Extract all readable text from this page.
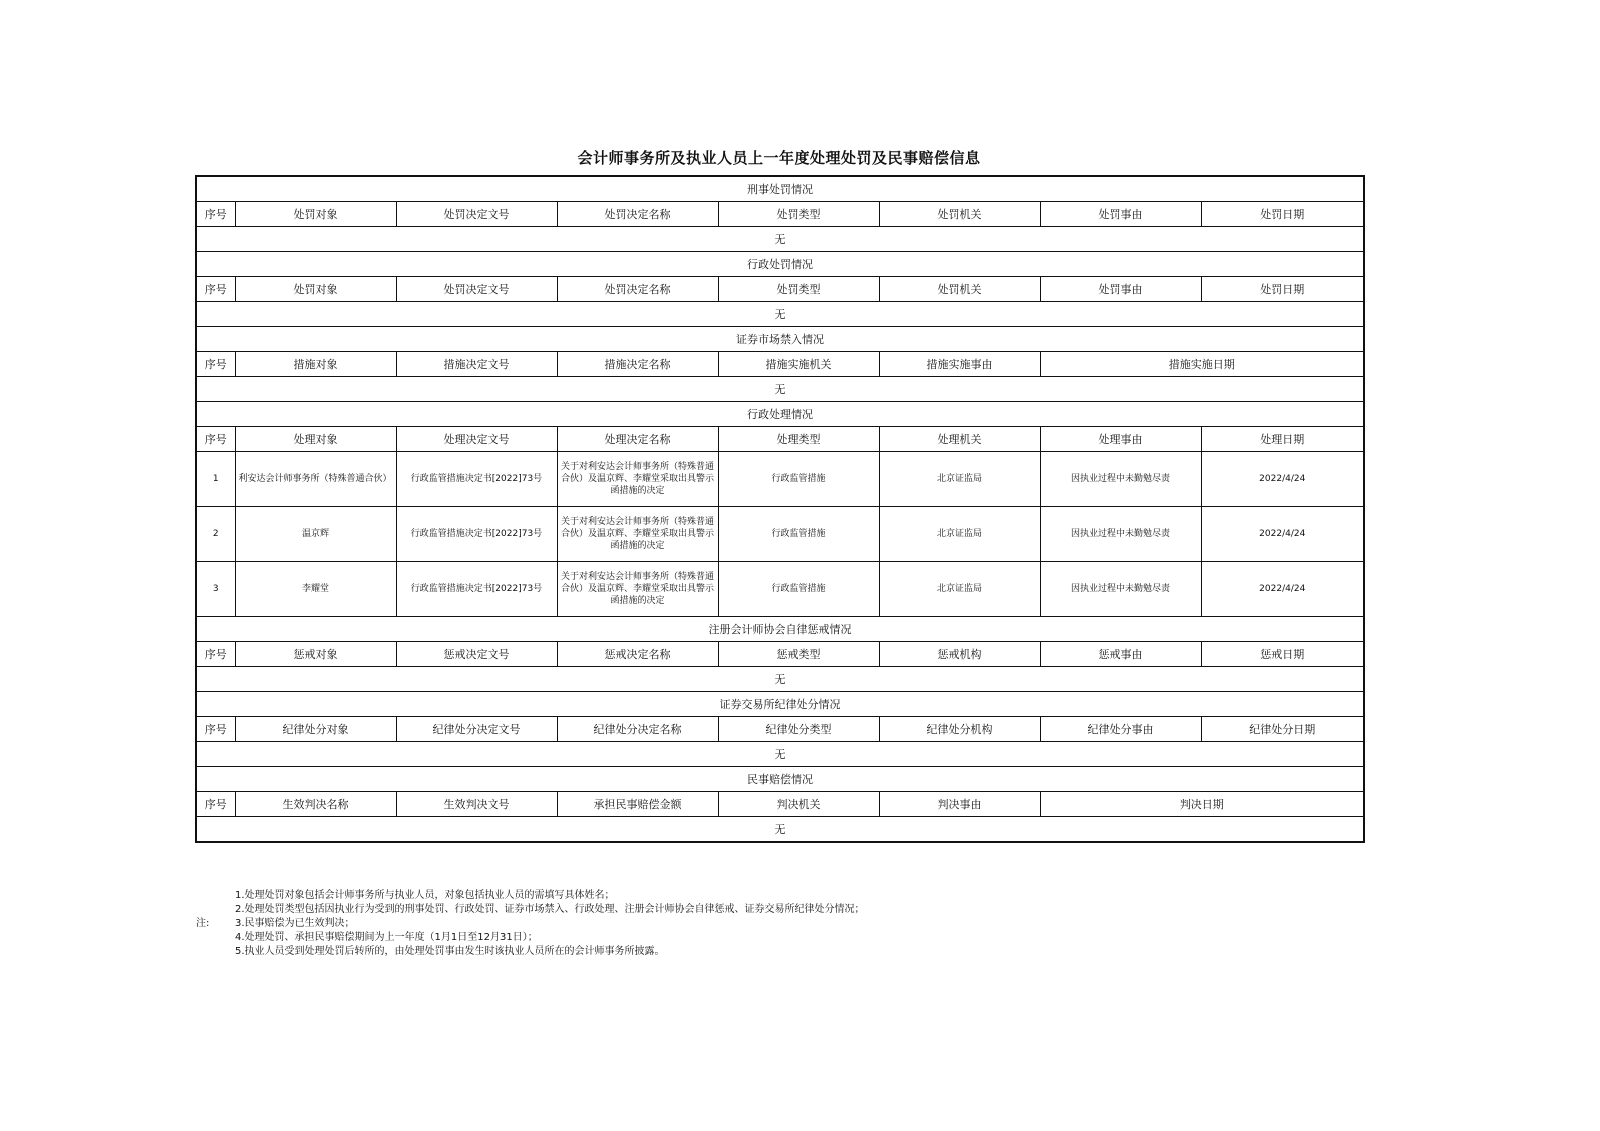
会计师事务所及执业人员上一年度处理处罚及民事赔偿信息
刑事处罚情况							
序号	处罚对象	处罚决定文号	处罚决定名称	处罚类型	处罚机关	处罚事由	处罚日期
无							
行政处罚情况							
序号	处罚对象	处罚决定文号	处罚决定名称	处罚类型	处罚机关	处罚事由	处罚日期
无							
证券市场禁入情况							
序号	措施对象	措施决定文号	措施决定名称	措施实施机关	措施实施事由	措施实施日期	
无							
行政处理情况							
序号	处理对象	处理决定文号	处理决定名称	处理类型	处理机关	处理事由	处理日期
1	利安达会计师事务所（特殊普通合伙）	行政监管措施决定书[2022]73号	关于对利安达会计师事务所（特殊普通合伙）及温京辉、李耀堂采取出具警示函措施的决定	行政监管措施	北京证监局	因执业过程中未勤勉尽责	2022/4/24
2	温京辉	行政监管措施决定书[2022]73号	关于对利安达会计师事务所（特殊普通合伙）及温京辉、李耀堂采取出具警示函措施的决定	行政监管措施	北京证监局	因执业过程中未勤勉尽责	2022/4/24
3	李耀堂	行政监管措施决定书[2022]73号	关于对利安达会计师事务所（特殊普通合伙）及温京辉、李耀堂采取出具警示函措施的决定	行政监管措施	北京证监局	因执业过程中未勤勉尽责	2022/4/24
注册会计师协会自律惩戒情况							
序号	惩戒对象	惩戒决定文号	惩戒决定名称	惩戒类型	惩戒机构	惩戒事由	惩戒日期
无							
证券交易所纪律处分情况							
序号	纪律处分对象	纪律处分决定文号	纪律处分决定名称	纪律处分类型	纪律处分机构	纪律处分事由	纪律处分日期
无							
民事赔偿情况							
序号	生效判决名称	生效判决文号	承担民事赔偿金额	判决机关	判决事由	判决日期	
无							
注:
1.处理处罚对象包括会计师事务所与执业人员，对象包括执业人员的需填写具体姓名；
2.处理处罚类型包括因执业行为受到的刑事处罚、行政处罚、证券市场禁入、行政处理、注册会计师协会自律惩戒、证券交易所纪律处分情况；
3.民事赔偿为已生效判决；
4.处理处罚、承担民事赔偿期间为上一年度（1月1日至12月31日）；
5.执业人员受到处理处罚后转所的，由处理处罚事由发生时该执业人员所在的会计师事务所披露。
